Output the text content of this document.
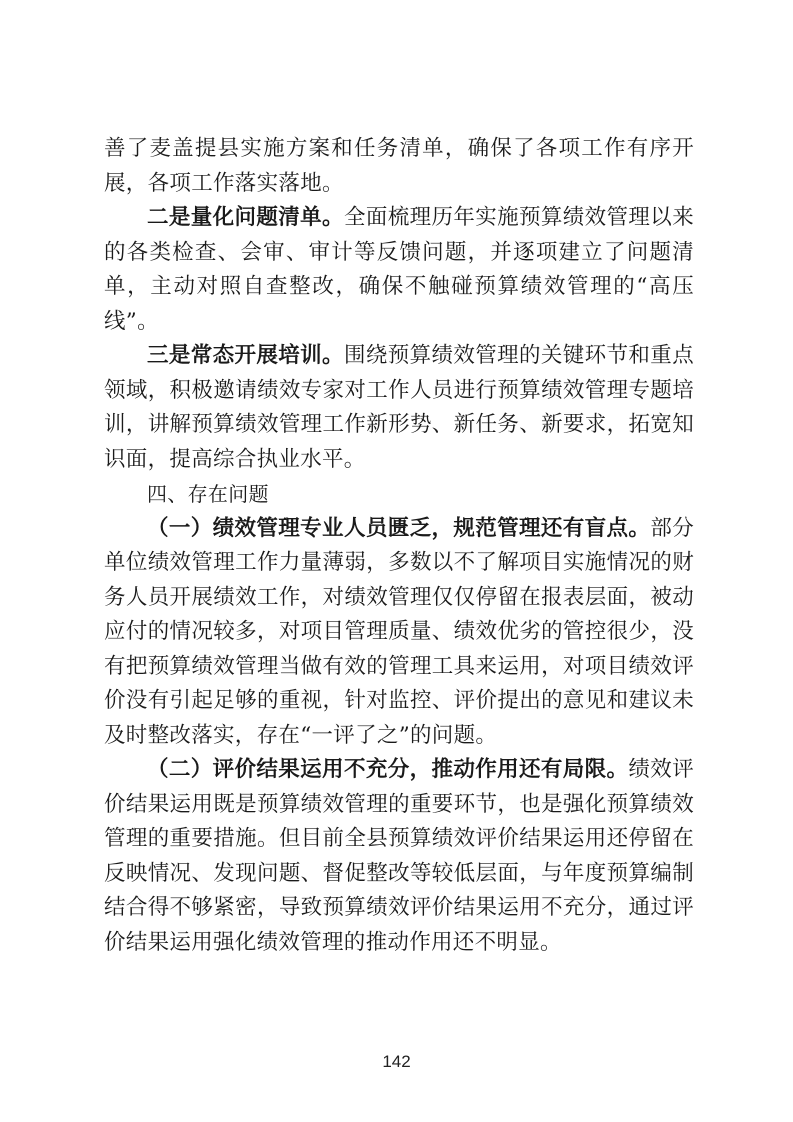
善了麦盖提县实施方案和任务清单，确保了各项工作有序开展，各项工作落实落地。

二是量化问题清单。全面梳理历年实施预算绩效管理以来的各类检查、会审、审计等反馈问题，并逐项建立了问题清单，主动对照自查整改，确保不触碰预算绩效管理的“高压线”。

三是常态开展培训。围绕预算绩效管理的关键环节和重点领域，积极邀请绩效专家对工作人员进行预算绩效管理专题培训，讲解预算绩效管理工作新形势、新任务、新要求，拓宽知识面，提高综合执业水平。

四、存在问题

（一）绩效管理专业人员匮乏，规范管理还有盲点。部分单位绩效管理工作力量薄弱，多数以不了解项目实施情况的财务人员开展绩效工作，对绩效管理仅仅停留在报表层面，被动应付的情况较多，对项目管理质量、绩效优劣的管控很少，没有把预算绩效管理当做有效的管理工具来运用，对项目绩效评价没有引起足够的重视，针对监控、评价提出的意见和建议未及时整改落实，存在“一评了之”的问题。

（二）评价结果运用不充分，推动作用还有局限。绩效评价结果运用既是预算绩效管理的重要环节，也是强化预算绩效管理的重要措施。但目前全县预算绩效评价结果运用还停留在反映情况、发现问题、督促整改等较低层面，与年度预算编制结合得不够紧密，导致预算绩效评价结果运用不充分，通过评价结果运用强化绩效管理的推动作用还不明显。

142
